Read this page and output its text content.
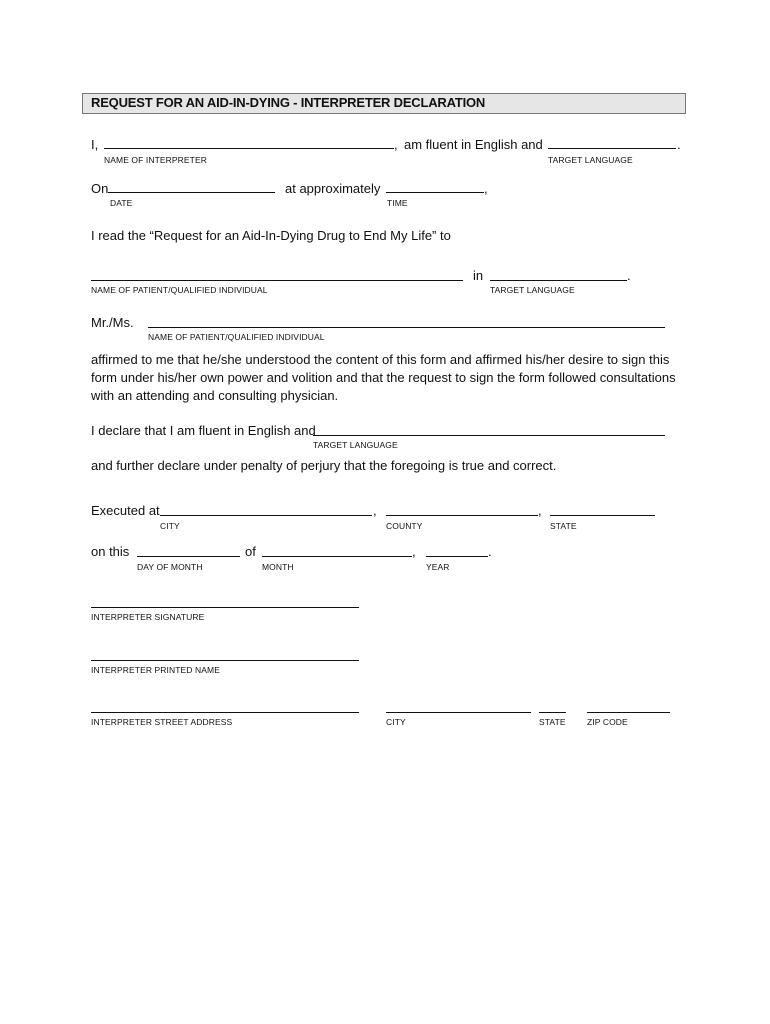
REQUEST FOR AN AID-IN-DYING - INTERPRETER DECLARATION
I,	, am fluent in English and	.
NAME OF INTERPRETER	TARGET LANGUAGE
On	at approximately	,
DATE	TIME
I read the “Request for an Aid-In-Dying Drug to End My Life” to
in	.
NAME OF PATIENT/QUALIFIED INDIVIDUAL	TARGET LANGUAGE
Mr./Ms.
NAME OF PATIENT/QUALIFIED INDIVIDUAL
affirmed to me that he/she understood the content of this form and affirmed his/her desire to sign this
form under his/her own power and volition and that the request to sign the form followed consultations
with an attending and consulting physician.
I declare that I am fluent in English and
TARGET LANGUAGE
and further declare under penalty of perjury that the foregoing is true and correct.
Executed at	,	,
CITY	COUNTY	STATE
on this	of	,	.
DAY OF MONTH	MONTH	YEAR
INTERPRETER SIGNATURE
INTERPRETER PRINTED NAME
INTERPRETER STREET ADDRESS	CITY	STATE	ZIP CODE
